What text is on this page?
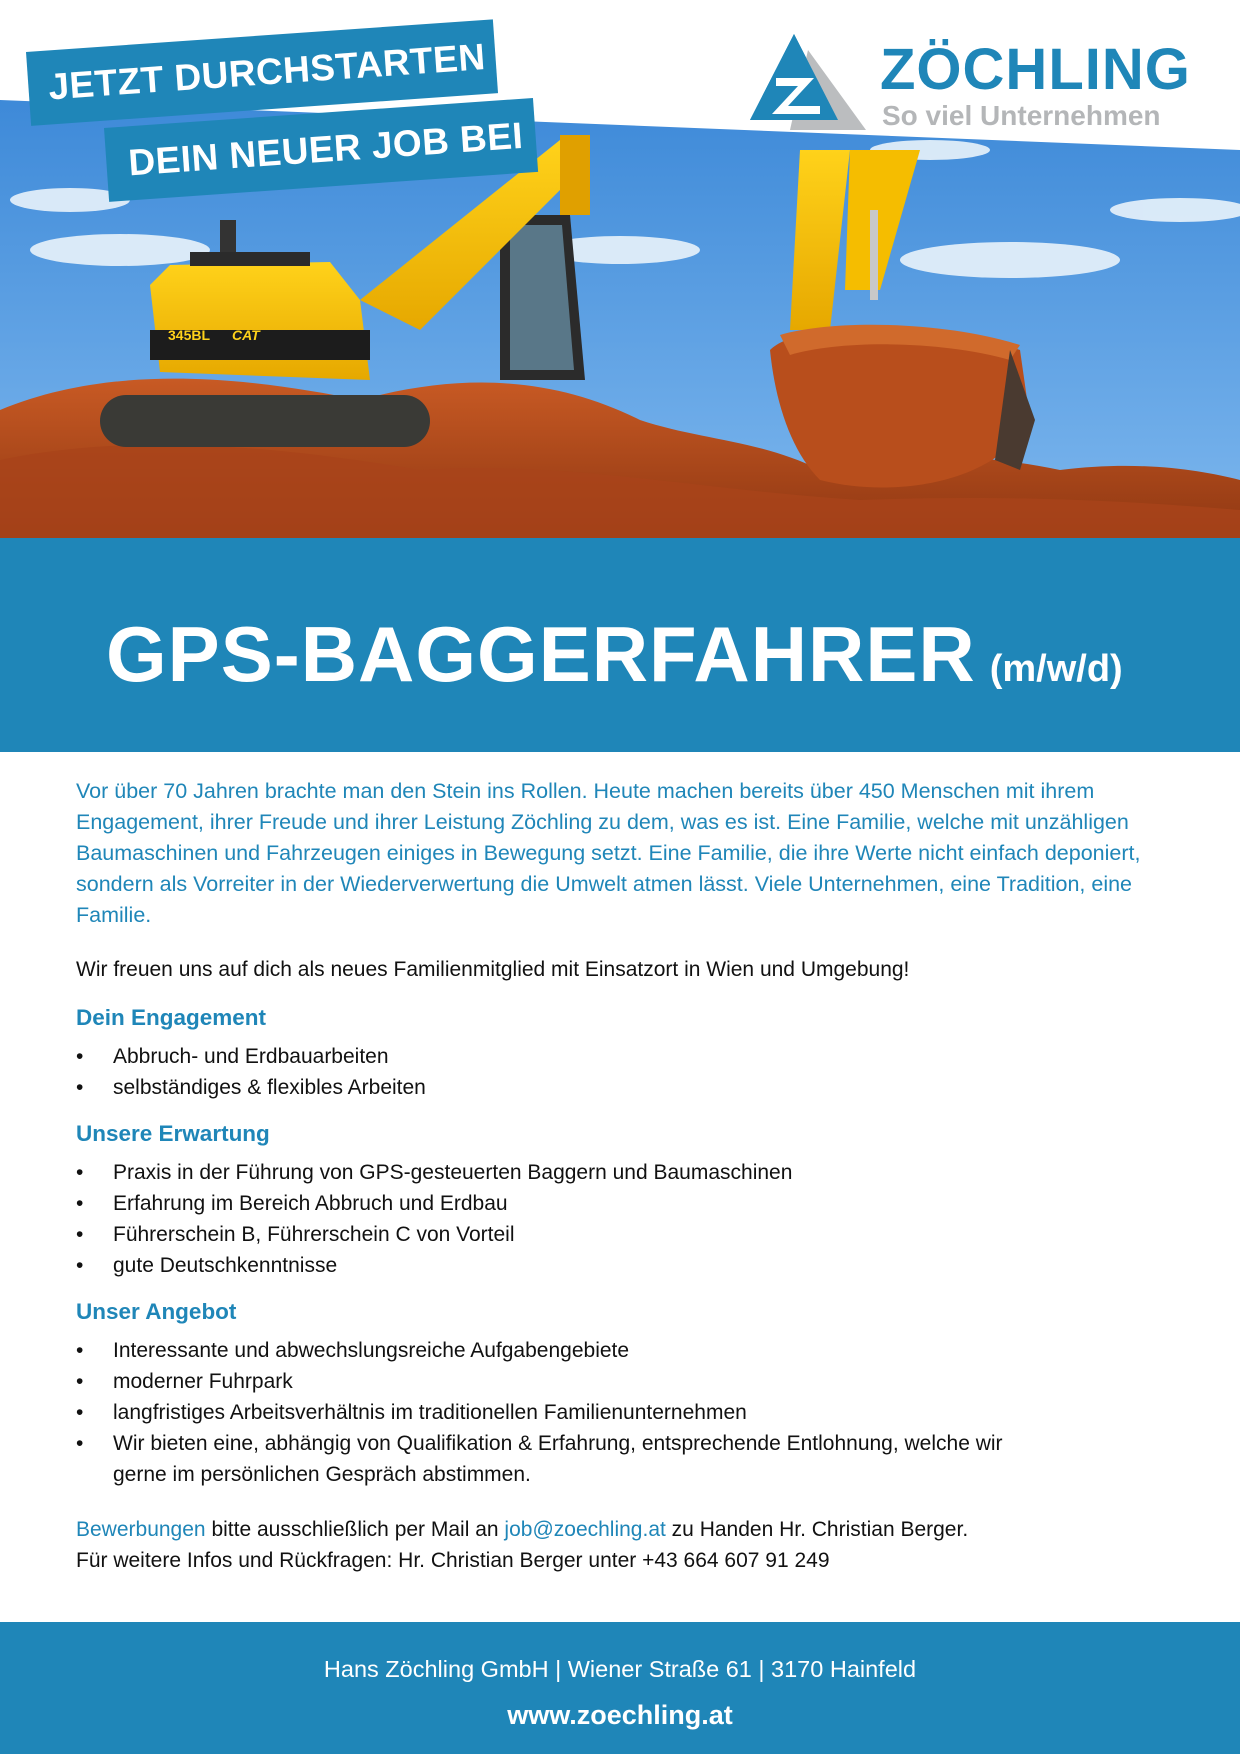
345BL CAT
JETZT DURCHSTARTEN
DEIN NEUER JOB BEI
ZÖCHLING
So viel Unternehmen
GPS-BAGGERFAHRER (m/w/d)

Vor über 70 Jahren brachte man den Stein ins Rollen. Heute machen bereits über 450 Menschen mit ihrem Engagement, ihrer Freude und ihrer Leistung Zöchling zu dem, was es ist. Eine Familie, welche mit unzähligen Baumaschinen und Fahrzeugen einiges in Bewegung setzt. Eine Familie, die ihre Werte nicht einfach deponiert, sondern als Vorreiter in der Wiederverwertung die Umwelt atmen lässt. Viele Unternehmen, eine Tradition, eine Familie.

Wir freuen uns auf dich als neues Familienmitglied mit Einsatzort in Wien und Umgebung!

Dein Engagement
• Abbruch- und Erdbauarbeiten
• selbständiges & flexibles Arbeiten
Unsere Erwartung
• Praxis in der Führung von GPS-gesteuerten Baggern und Baumaschinen
• Erfahrung im Bereich Abbruch und Erdbau
• Führerschein B, Führerschein C von Vorteil
• gute Deutschkenntnisse
Unser Angebot
• Interessante und abwechslungsreiche Aufgabengebiete
• moderner Fuhrpark
• langfristiges Arbeitsverhältnis im traditionellen Familienunternehmen
• Wir bieten eine, abhängig von Qualifikation & Erfahrung, entsprechende Entlohnung, welche wir gerne im persönlichen Gespräch abstimmen.

Bewerbungen bitte ausschließlich per Mail an job@zoechling.at zu Handen Hr. Christian Berger.

Für weitere Infos und Rückfragen: Hr. Christian Berger unter +43 664 607 91 249

Hans Zöchling GmbH | Wiener Straße 61 | 3170 Hainfeld
www.zoechling.at
